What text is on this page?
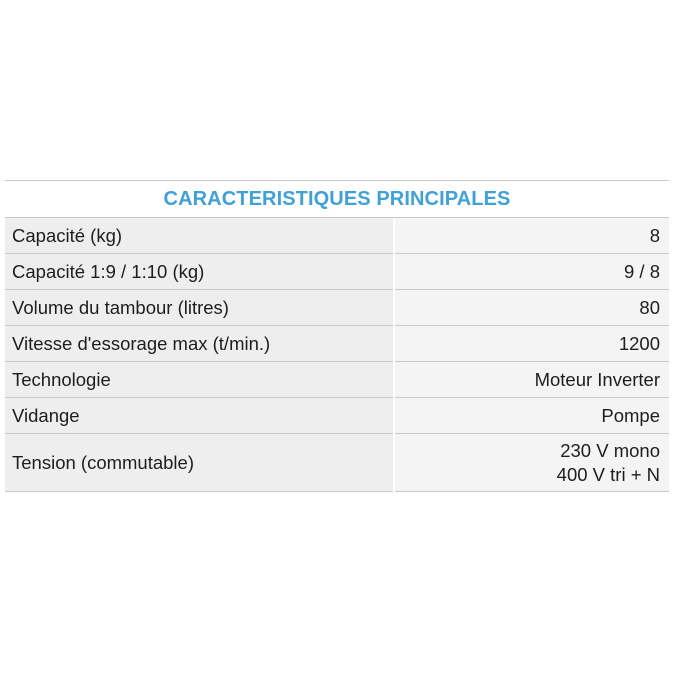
CARACTERISTIQUES PRINCIPALES
Capacité (kg)	8
Capacité 1:9 / 1:10 (kg)	9 / 8
Volume du tambour (litres)	80
Vitesse d'essorage max (t/min.)	1200
Technologie	Moteur Inverter
Vidange	Pompe
Tension (commutable)	230 V mono
400 V tri + N
